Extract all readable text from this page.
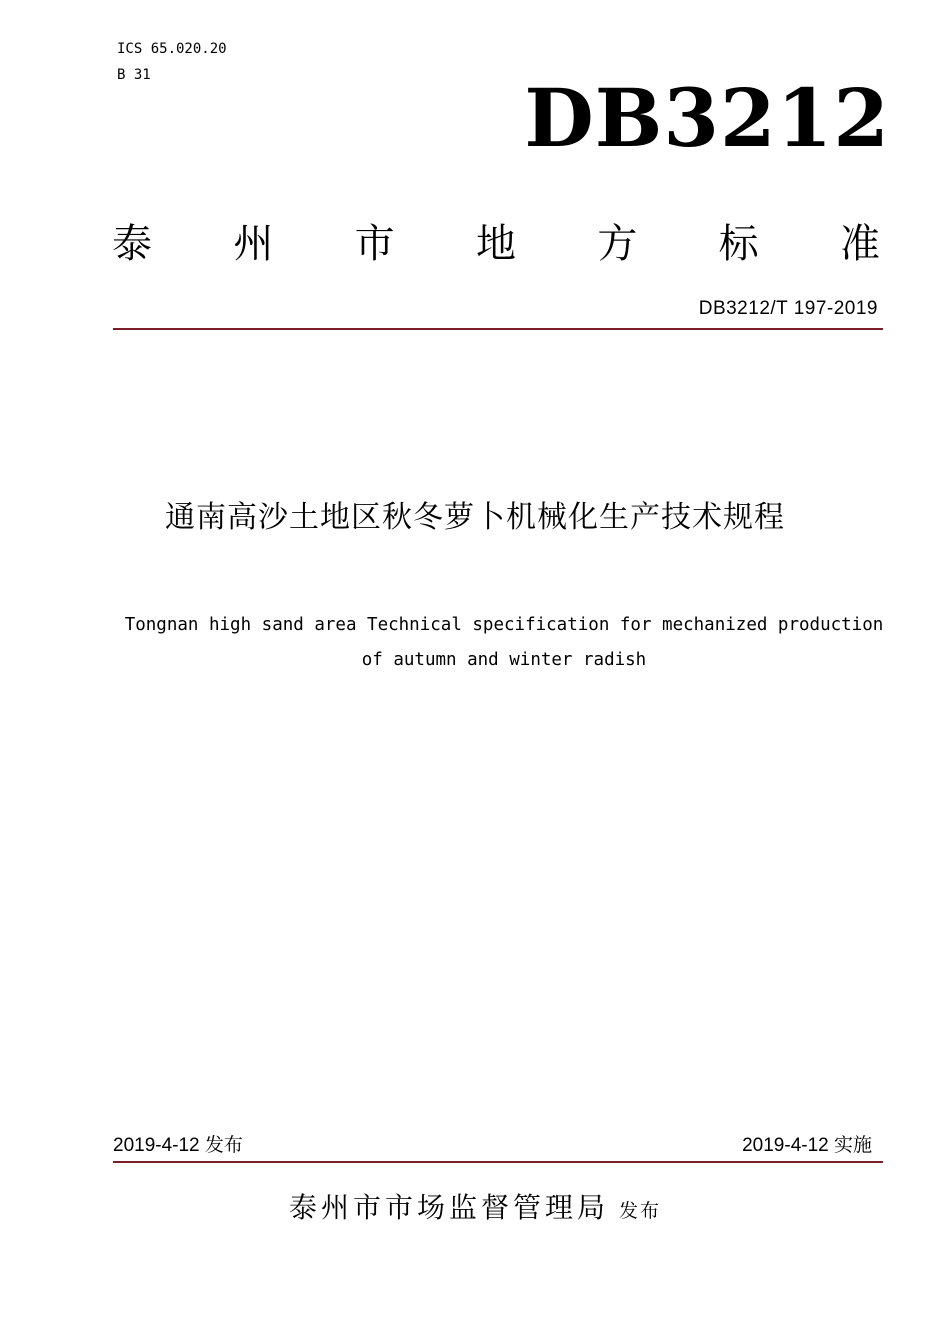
ICS 65.020.20
B 31	DB3212
泰 州 市 地 方 标 准
DB3212/T 197-2019
通南高沙土地区秋冬萝卜机械化生产技术规程
Tongnan high sand area Technical specification for mechanized production
of autumn and winter radish
2019-4-12 发布	2019-4-12 实施
泰州市市场监督管理局 发布
